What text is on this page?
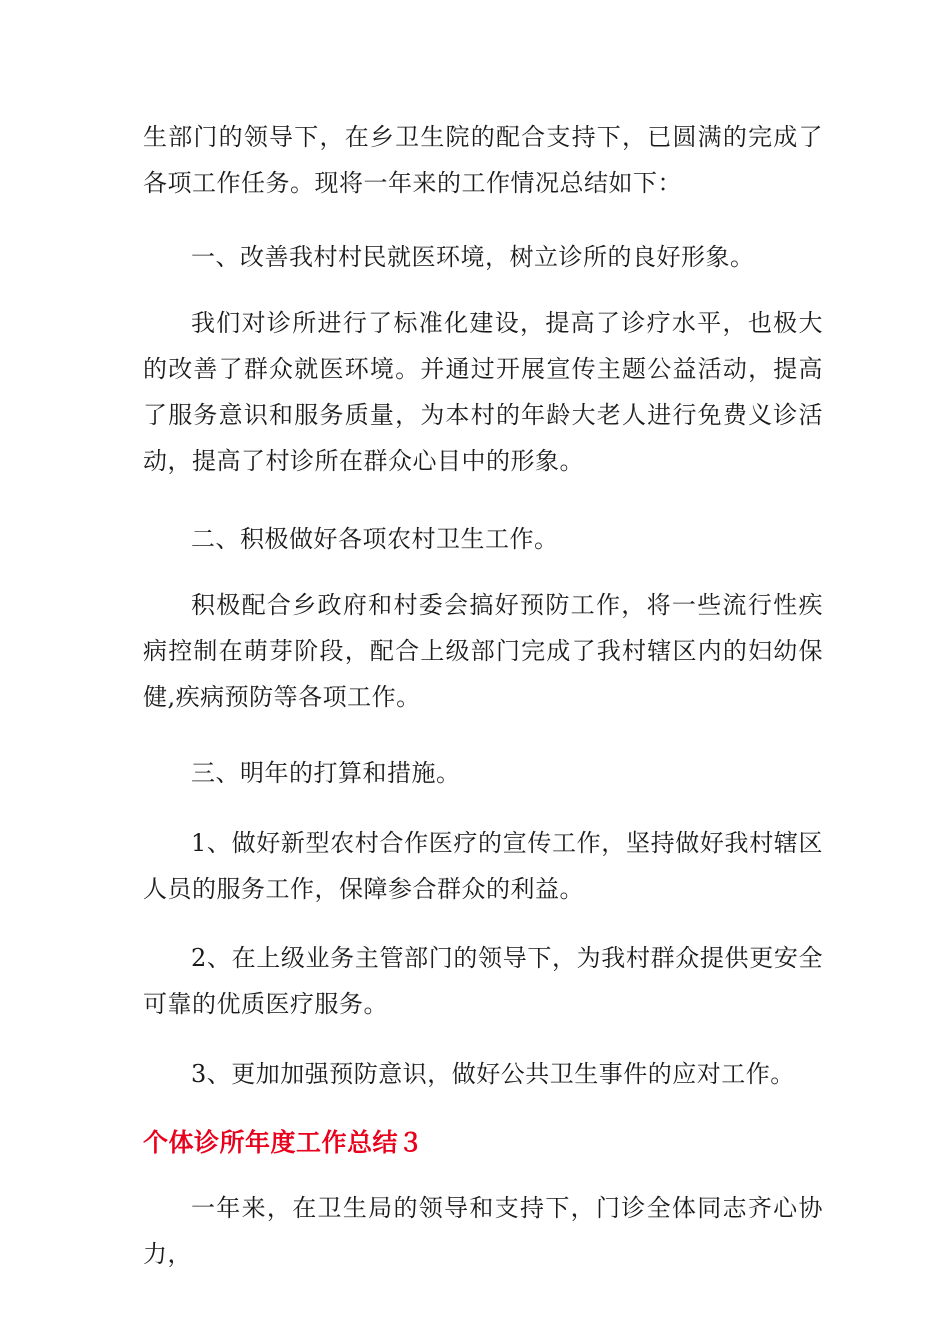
生部门的领导下，在乡卫生院的配合支持下，已圆满的完成了各项工作任务。现将一年来的工作情况总结如下：

一、改善我村村民就医环境，树立诊所的良好形象。

我们对诊所进行了标准化建设，提高了诊疗水平，也极大的改善了群众就医环境。并通过开展宣传主题公益活动，提高了服务意识和服务质量，为本村的年龄大老人进行免费义诊活动，提高了村诊所在群众心目中的形象。

二、积极做好各项农村卫生工作。

积极配合乡政府和村委会搞好预防工作，将一些流行性疾病控制在萌芽阶段，配合上级部门完成了我村辖区内的妇幼保健,疾病预防等各项工作。

三、明年的打算和措施。

1、做好新型农村合作医疗的宣传工作，坚持做好我村辖区人员的服务工作，保障参合群众的利益。

2、在上级业务主管部门的领导下，为我村群众提供更安全可靠的优质医疗服务。

3、更加加强预防意识，做好公共卫生事件的应对工作。

个体诊所年度工作总结３

一年来，在卫生局的领导和支持下，门诊全体同志齐心协力，
